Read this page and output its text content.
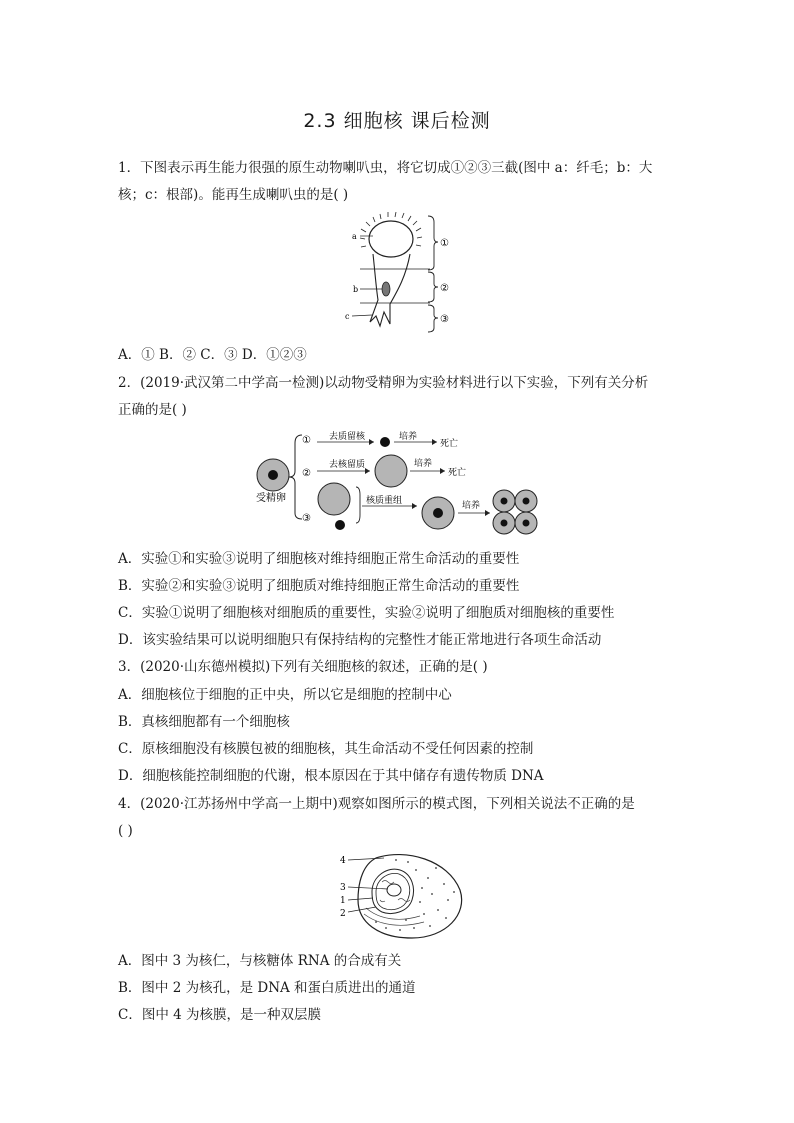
2.3 细胞核 课后检测
1．下图表示再生能力很强的原生动物喇叭虫，将它切成①②③三截(图中 a：纤毛；b：大
核；c：根部)。能再生成喇叭虫的是( )
a
b
c
①
②
③
A．① B．② C．③ D．①②③
2．(2019·武汉第二中学高一检测)以动物受精卵为实验材料进行以下实验，下列有关分析
正确的是( )
受精卵
① 去质留核	培养
死亡
②
去核留质	培养
死亡
③
核质重组	培养
A．实验①和实验③说明了细胞核对维持细胞正常生命活动的重要性
B．实验②和实验③说明了细胞质对维持细胞正常生命活动的重要性
C．实验①说明了细胞核对细胞质的重要性，实验②说明了细胞质对细胞核的重要性
D．该实验结果可以说明细胞只有保持结构的完整性才能正常地进行各项生命活动
3．(2020·山东德州模拟)下列有关细胞核的叙述，正确的是( )
A．细胞核位于细胞的正中央，所以它是细胞的控制中心
B．真核细胞都有一个细胞核
C．原核细胞没有核膜包被的细胞核，其生命活动不受任何因素的控制
D．细胞核能控制细胞的代谢，根本原因在于其中储存有遗传物质 DNA
4．(2020·江苏扬州中学高一上期中)观察如图所示的模式图，下列相关说法不正确的是
( )
4
3
1
2
A．图中 3 为核仁，与核糖体 RNA 的合成有关
B．图中 2 为核孔，是 DNA 和蛋白质进出的通道
C．图中 4 为核膜，是一种双层膜
